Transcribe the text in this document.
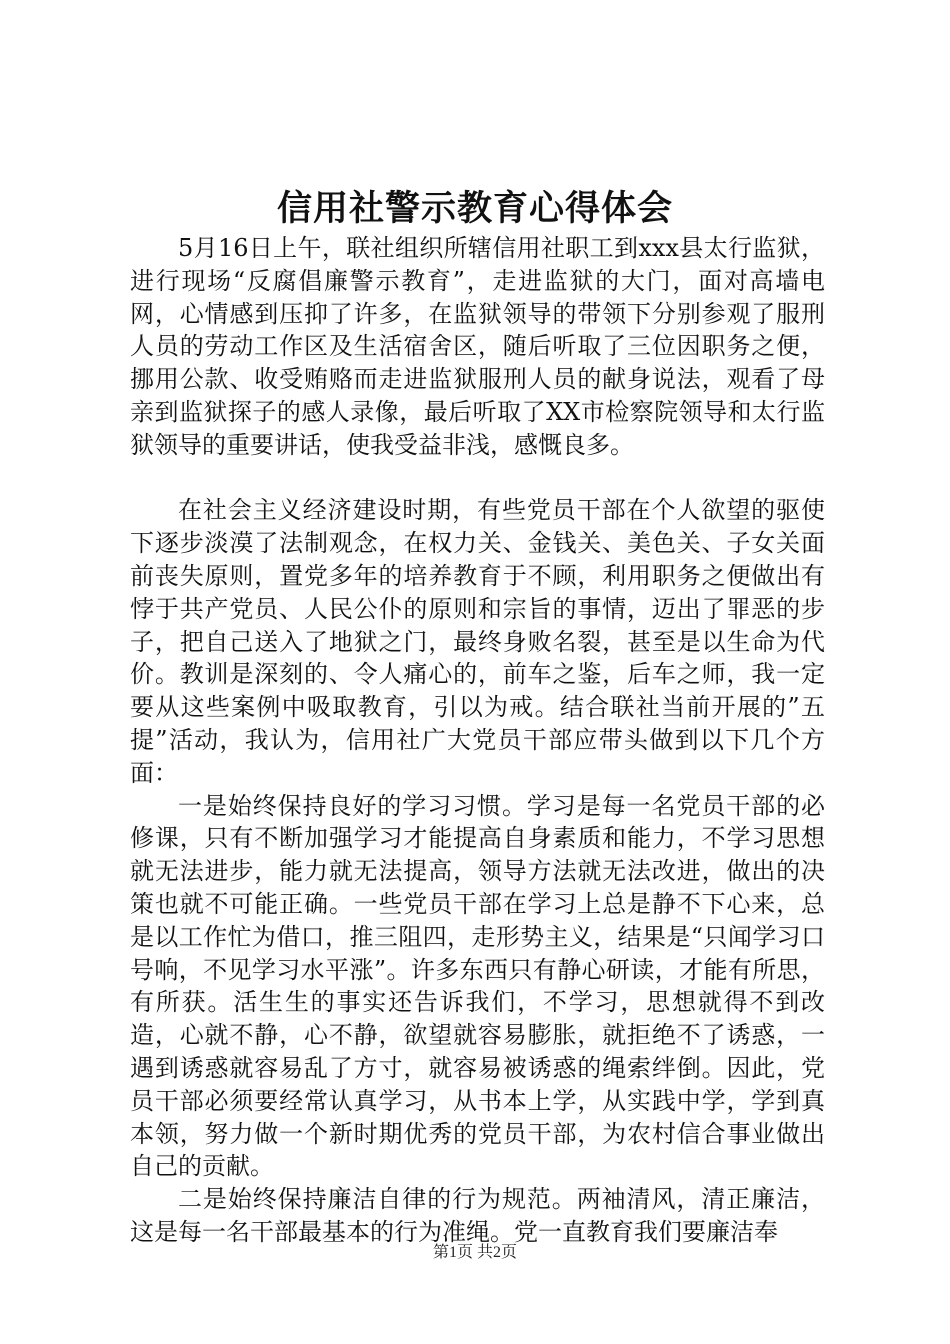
信用社警示教育心得体会

5月16日上午，联社组织所辖信用社职工到xxx县太行监狱，进行现场“反腐倡廉警示教育”，走进监狱的大门，面对高墙电网，心情感到压抑了许多，在监狱领导的带领下分别参观了服刑人员的劳动工作区及生活宿舍区，随后听取了三位因职务之便，挪用公款、收受贿赂而走进监狱服刑人员的献身说法，观看了母亲到监狱探子的感人录像，最后听取了XX市检察院领导和太行监狱领导的重要讲话，使我受益非浅，感慨良多。

在社会主义经济建设时期，有些党员干部在个人欲望的驱使下逐步淡漠了法制观念，在权力关、金钱关、美色关、子女关面前丧失原则，置党多年的培养教育于不顾，利用职务之便做出有悖于共产党员、人民公仆的原则和宗旨的事情，迈出了罪恶的步子，把自己送入了地狱之门，最终身败名裂，甚至是以生命为代价。教训是深刻的、令人痛心的，前车之鉴，后车之师，我一定要从这些案例中吸取教育，引以为戒。结合联社当前开展的”五提”活动，我认为，信用社广大党员干部应带头做到以下几个方面：

一是始终保持良好的学习习惯。学习是每一名党员干部的必修课，只有不断加强学习才能提高自身素质和能力，不学习思想就无法进步，能力就无法提高，领导方法就无法改进，做出的决策也就不可能正确。一些党员干部在学习上总是静不下心来，总是以工作忙为借口，推三阻四，走形势主义，结果是“只闻学习口号响，不见学习水平涨”。许多东西只有静心研读，才能有所思，有所获。活生生的事实还告诉我们，不学习，思想就得不到改造，心就不静，心不静，欲望就容易膨胀，就拒绝不了诱惑，一遇到诱惑就容易乱了方寸，就容易被诱惑的绳索绊倒。因此，党员干部必须要经常认真学习，从书本上学，从实践中学，学到真本领，努力做一个新时期优秀的党员干部，为农村信合事业做出自己的贡献。

二是始终保持廉洁自律的行为规范。两袖清风，清正廉洁，这是每一名干部最基本的行为准绳。党一直教育我们要廉洁奉

第1页 共2页
